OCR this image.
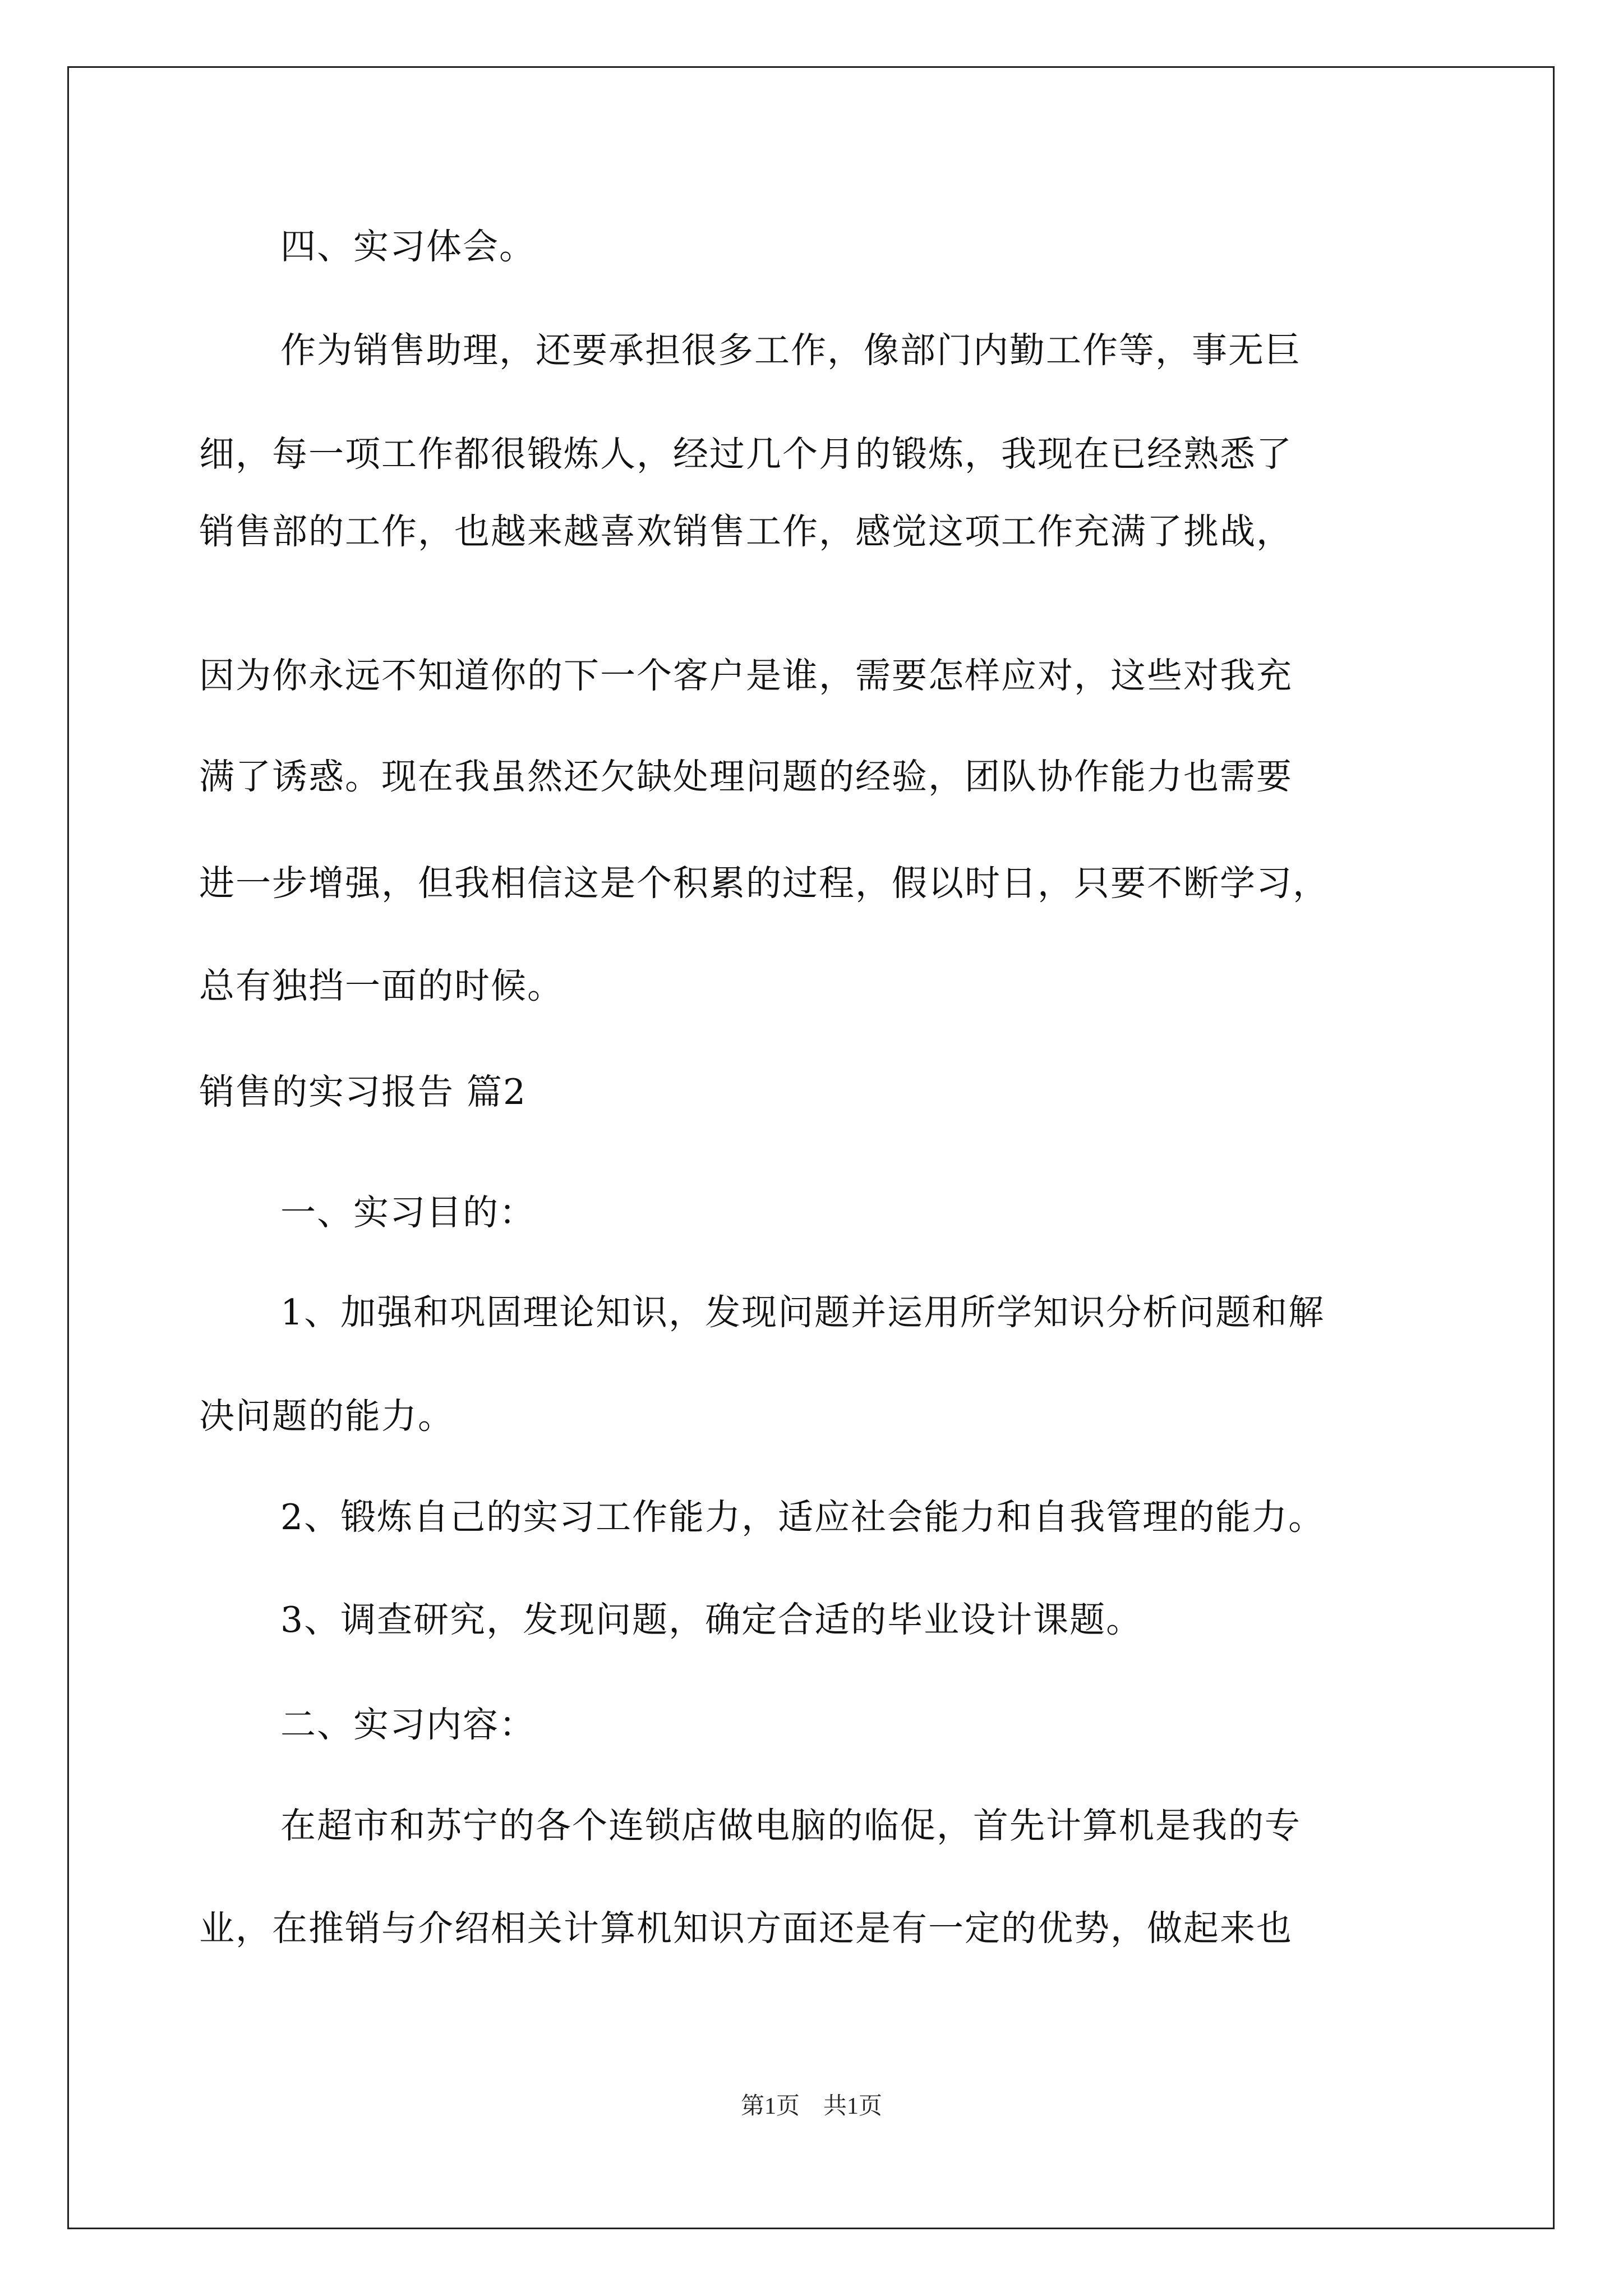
四、实习体会。
作为销售助理，还要承担很多工作，像部门内勤工作等，事无巨
细，每一项工作都很锻炼人，经过几个月的锻炼，我现在已经熟悉了
销售部的工作，也越来越喜欢销售工作，感觉这项工作充满了挑战，
因为你永远不知道你的下一个客户是谁，需要怎样应对，这些对我充
满了诱惑。现在我虽然还欠缺处理问题的经验，团队协作能力也需要
进一步增强，但我相信这是个积累的过程，假以时日，只要不断学习，
总有独挡一面的时候。
销售的实习报告 篇2
一、实习目的：
1、加强和巩固理论知识，发现问题并运用所学知识分析问题和解
决问题的能力。
2、锻炼自己的实习工作能力，适应社会能力和自我管理的能力。
3、调查研究，发现问题，确定合适的毕业设计课题。
二、实习内容：
在超市和苏宁的各个连锁店做电脑的临促，首先计算机是我的专
业，在推销与介绍相关计算机知识方面还是有一定的优势，做起来也
第1页　共1页
